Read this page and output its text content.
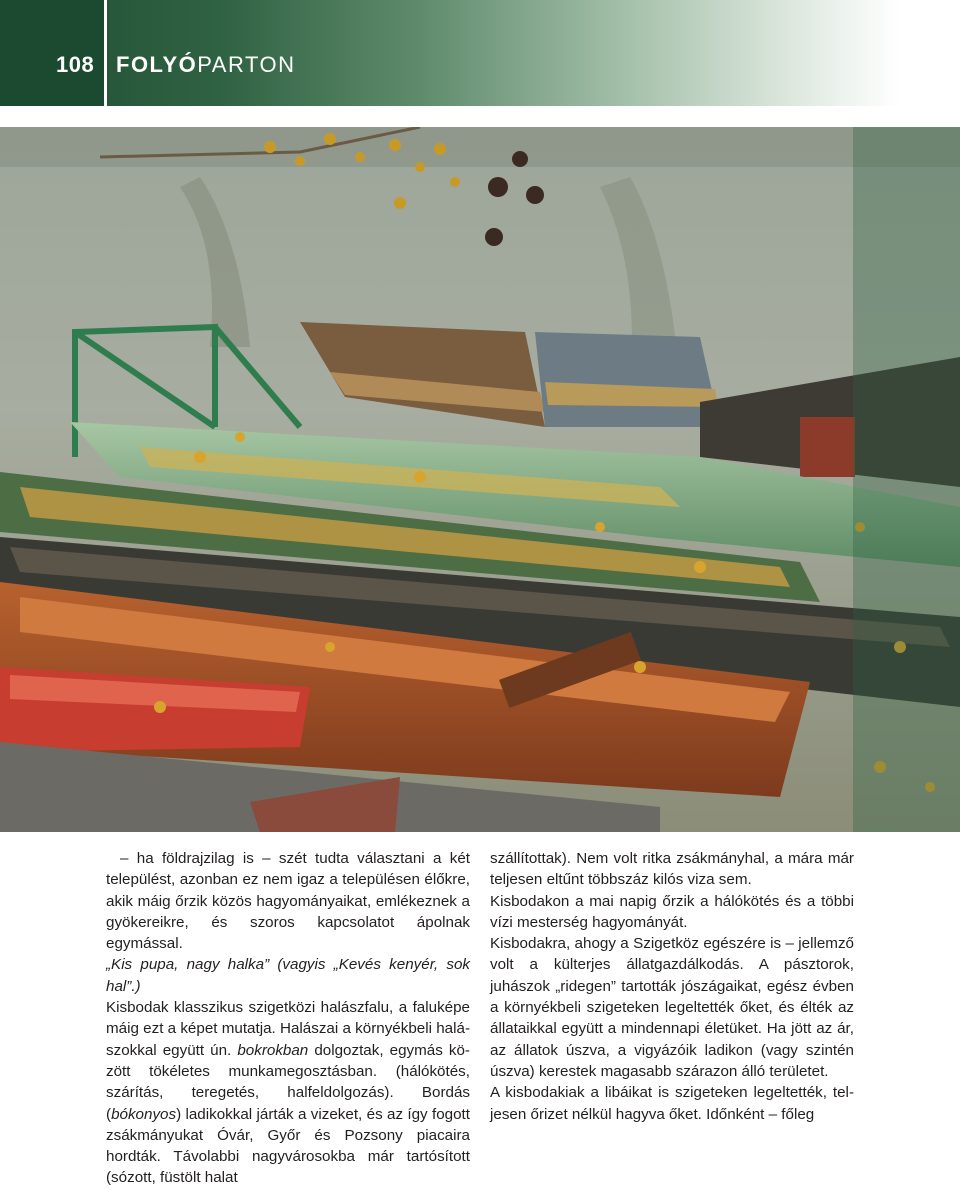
108 FOLYÓPARTON

– ha földrajzilag is – szét tudta választani a két települést, azonban ez nem igaz a településen élőkre, akik máig őrzik közös hagyományaikat, emlékeznek a gyökereikre, és szoros kapcsolatot ápolnak egymással.

„Kis pupa, nagy halka” (vagyis „Kevés kenyér, sok hal”.)

Kisbodak klasszikus szigetközi halászfalu, a faluképe máig ezt a képet mutatja. Halászai a környékbeli halászokkal együtt ún. bokrokban dolgoztak, egymás között tökéletes munkamegosztásban. (hálókötés, szárítás, teregetés, halfeldolgozás). Bordás (bókonyos) ladikokkal járták a vizeket, és az így fogott zsákmányukat Óvár, Győr és Pozsony piacaira hordták. Távolabbi nagyvárosokba már tartósított (sózott, füstölt halat

szállítottak). Nem volt ritka zsákmányhal, a mára már teljesen eltűnt többszáz kilós viza sem.

Kisbodakon a mai napig őrzik a hálókötés és a többi vízi mesterség hagyományát.

Kisbodakra, ahogy a Szigetköz egészére is – jellemző volt a külterjes állatgazdálkodás. A pásztorok, juhászok „ridegen” tartották jószágaikat, egész évben a környékbeli szigeteken legeltették őket, és élték az állataikkal együtt a mindennapi életüket. Ha jött az ár, az állatok úszva, a vigyázóik ladikon (vagy szintén úszva) kerestek magasabb szárazon álló területet.

A kisbodakiak a libáikat is szigeteken legeltették, teljesen őrizet nélkül hagyva őket. Időnként – főleg
